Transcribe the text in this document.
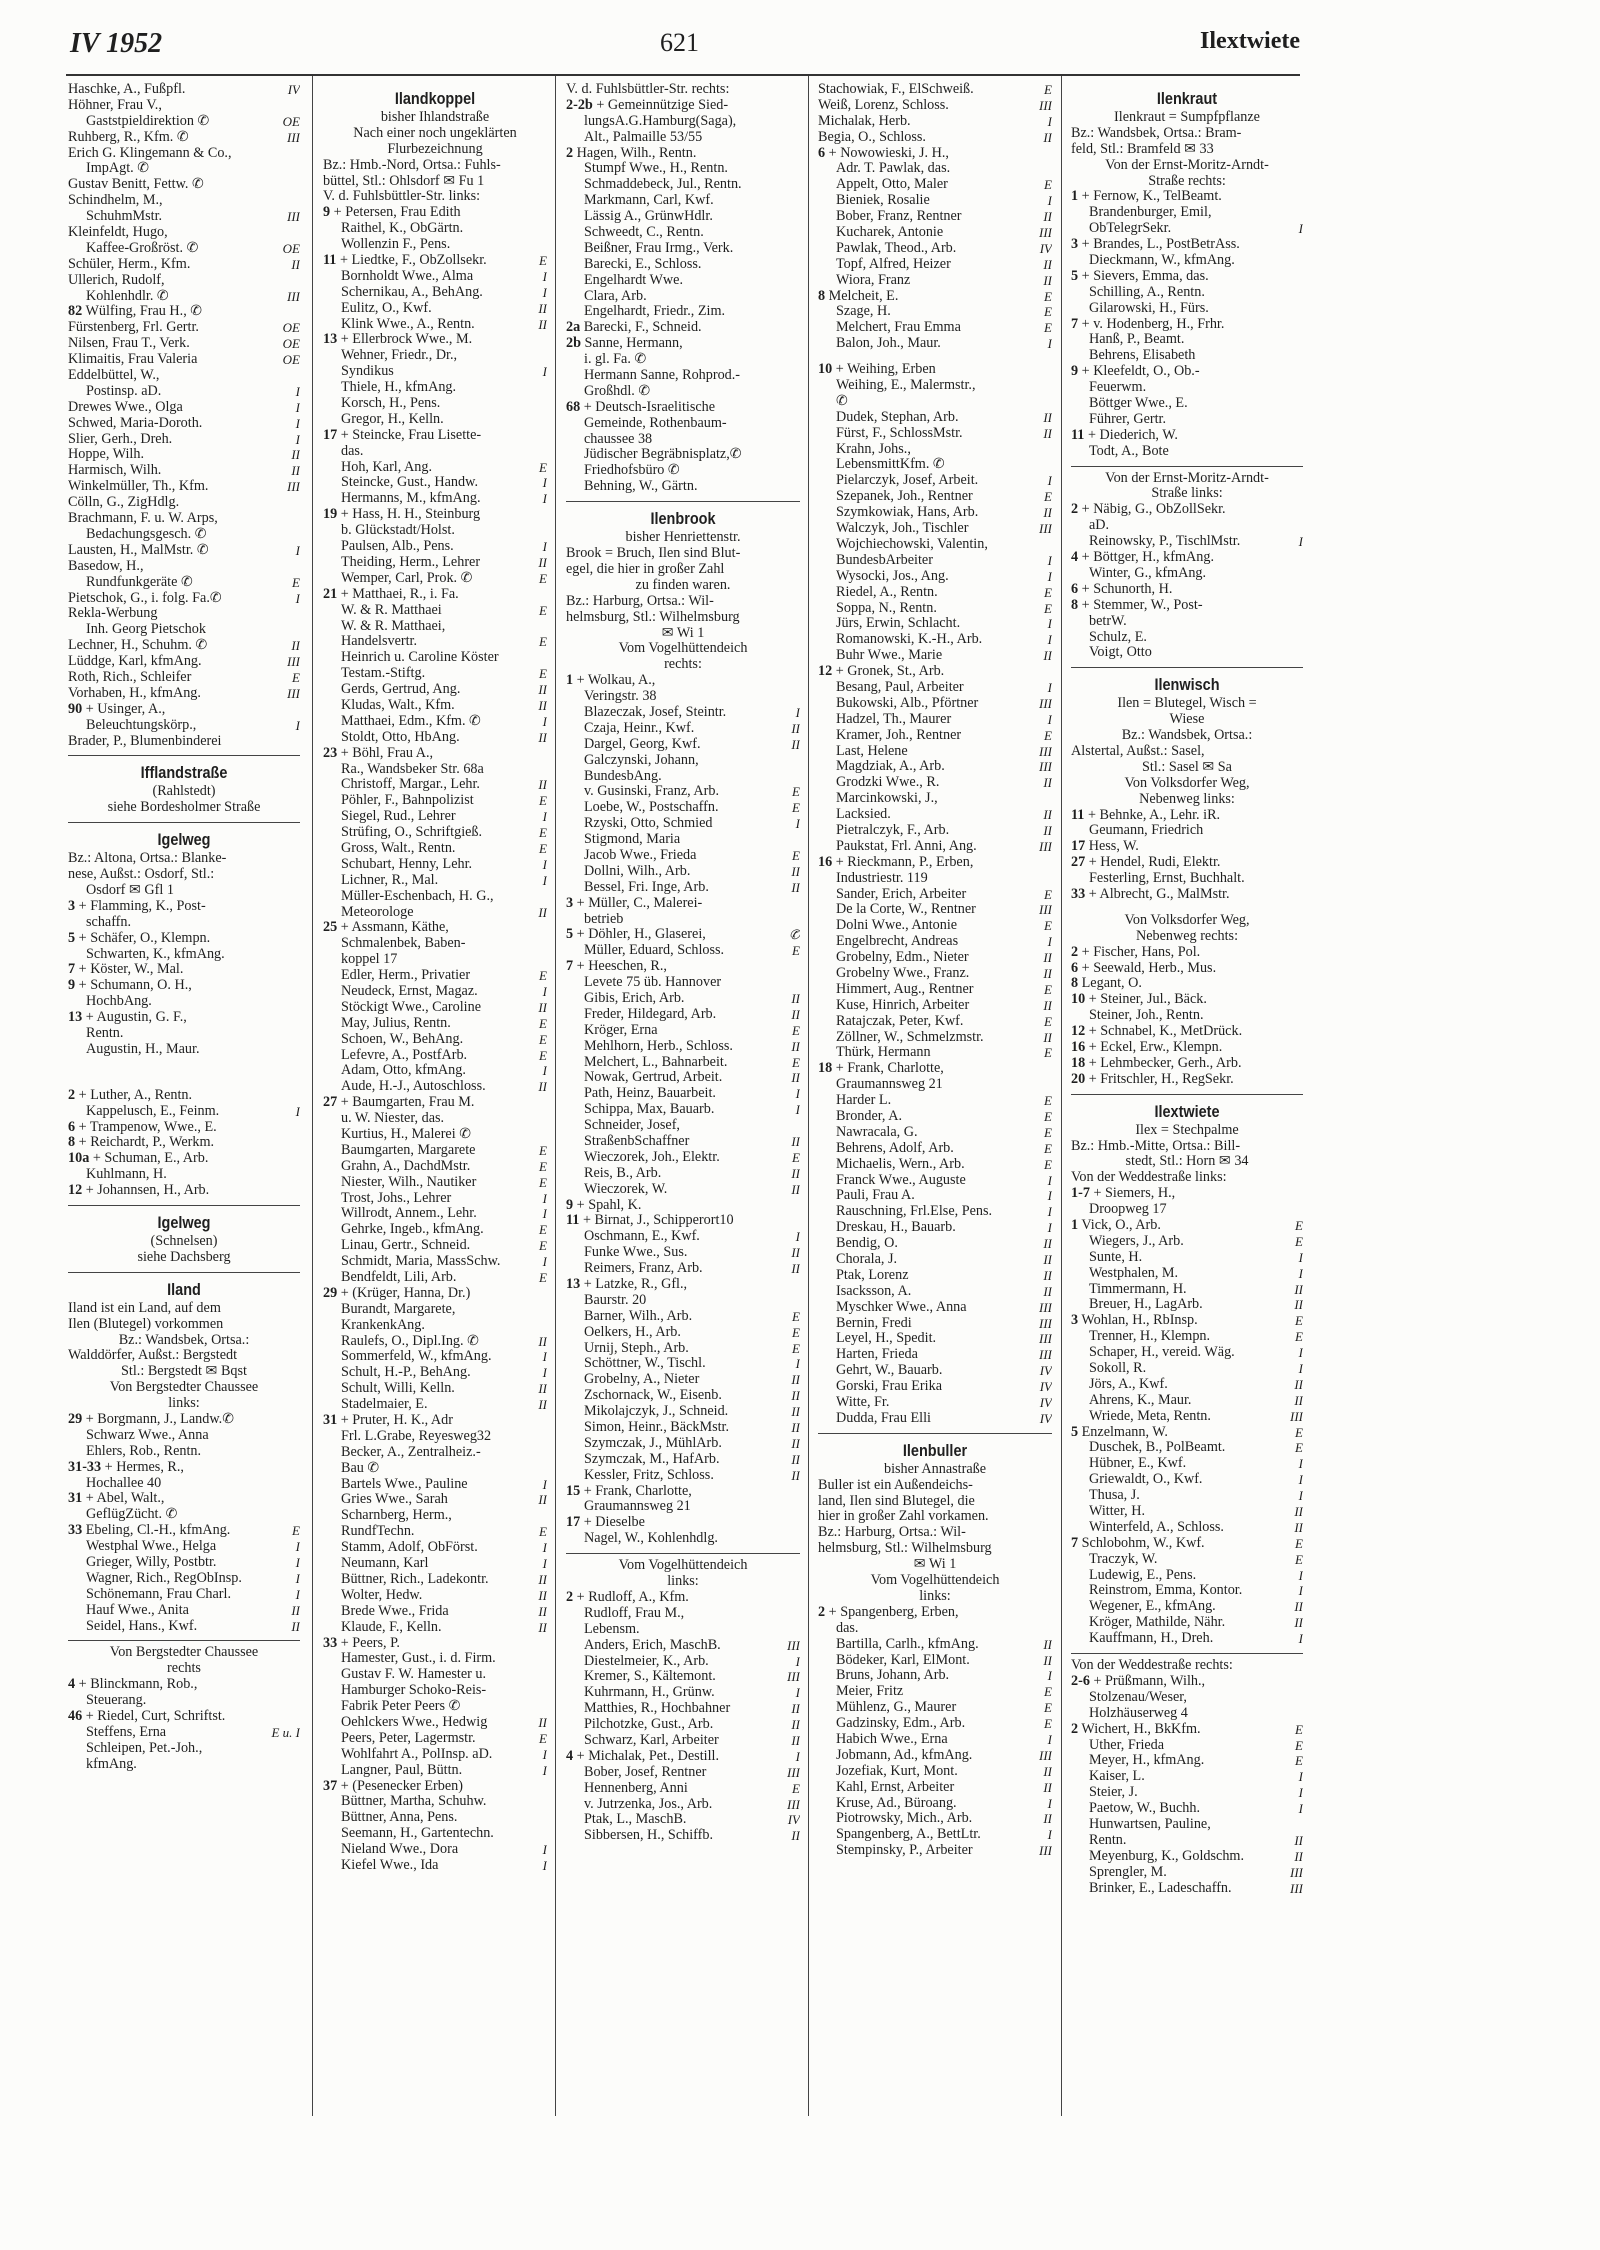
IV 1952	621	Ilextwiete
Haschke, A., Fußpfl.	IV
Höhner, Frau V.,
Gaststpieldirektion ✆	OE
Ruhberg, R., Kfm. ✆	III
Erich G. Klingemann & Co.,
ImpAgt. ✆
Gustav Benitt, Fettw. ✆
Schindhelm, M.,
SchuhmMstr.	III
Kleinfeldt, Hugo,
Kaffee-Großröst. ✆	OE
Schüler, Herm., Kfm.	II
Ullerich, Rudolf,
Kohlenhdlr. ✆	III
82 Wülfing, Frau H., ✆
Fürstenberg, Frl. Gertr.	OE
Nilsen, Frau T., Verk.	OE
Klimaitis, Frau Valeria	OE
Eddelbüttel, W.,
Postinsp. aD.	I
Drewes Wwe., Olga	I
Schwed, Maria-Doroth.	I
Slier, Gerh., Dreh.	I
Hoppe, Wilh.	II
Harmisch, Wilh.	II
Winkelmüller, Th., Kfm.	III
Cölln, G., ZigHdlg.
Brachmann, F. u. W. Arps,
Bedachungsgesch. ✆
Lausten, H., MalMstr. ✆	I
Basedow, H.,
Rundfunkgeräte ✆	E
Pietschok, G., i. folg. Fa.✆	I
Rekla-Werbung
Inh. Georg Pietschok
Lechner, H., Schuhm. ✆	II
Lüddge, Karl, kfmAng.	III
Roth, Rich., Schleifer	E
Vorhaben, H., kfmAng.	III
90 + Usinger, A.,
Beleuchtungskörp.,	I
Brader, P., Blumenbinderei
Ifflandstraße
(Rahlstedt)
siehe Bordesholmer Straße
Igelweg
Bz.: Altona, Ortsa.: Blanke-
nese, Außst.: Osdorf, Stl.:
Osdorf ✉ Gfl 1
3 + Flamming, K., Post-
schaffn.
5 + Schäfer, O., Klempn.
Schwarten, K., kfmAng.
7 + Köster, W., Mal.
9 + Schumann, O. H.,
HochbAng.
13 + Augustin, G. F.,
Rentn.
Augustin, H., Maur.
2 + Luther, A., Rentn.
Kappelusch, E., Feinm.	I
6 + Trampenow, Wwe., E.
8 + Reichardt, P., Werkm.
10a + Schuman, E., Arb.
Kuhlmann, H.
12 + Johannsen, H., Arb.
Igelweg
(Schnelsen)
siehe Dachsberg
Iland
Iland ist ein Land, auf dem
Ilen (Blutegel) vorkommen
Bz.: Wandsbek, Ortsa.:
Walddörfer, Außst.: Bergstedt
Stl.: Bergstedt ✉ Bqst
Von Bergstedter Chaussee
links:
29 + Borgmann, J., Landw.✆
Schwarz Wwe., Anna
Ehlers, Rob., Rentn.
31-33 + Hermes, R.,
Hochallee 40
31 + Abel, Walt.,
GeflügZücht. ✆
33 Ebeling, Cl.-H., kfmAng.	E
Westphal Wwe., Helga	I
Grieger, Willy, Postbtr.	I
Wagner, Rich., RegObInsp.	I
Schönemann, Frau Charl.	I
Hauf Wwe., Anita	II
Seidel, Hans., Kwf.	II
Von Bergstedter Chaussee
rechts
4 + Blinckmann, Rob.,
Steuerang.
46 + Riedel, Curt, Schriftst.
Steffens, Erna	E u. I
Schleipen, Pet.-Joh.,
kfmAng.
Ilandkoppel
bisher Ihlandstraße
Nach einer noch ungeklärten
Flurbezeichnung
Bz.: Hmb.-Nord, Ortsa.: Fuhls-
büttel, Stl.: Ohlsdorf ✉ Fu 1
V. d. Fuhlsbüttler-Str. links:
9 + Petersen, Frau Edith
Raithel, K., ObGärtn.
Wollenzin F., Pens.
11 + Liedtke, F., ObZollsekr.	E
Bornholdt Wwe., Alma	I
Schernikau, A., BehAng.	I
Eulitz, O., Kwf.	II
Klink Wwe., A., Rentn.	II
13 + Ellerbrock Wwe., M.
Wehner, Friedr., Dr.,
Syndikus	I
Thiele, H., kfmAng.
Korsch, H., Pens.
Gregor, H., Kelln.
17 + Steincke, Frau Lisette-
das.
Hoh, Karl, Ang.	E
Steincke, Gust., Handw.	I
Hermanns, M., kfmAng.	I
19 + Hass, H. H., Steinburg
b. Glückstadt/Holst.
Paulsen, Alb., Pens.	I
Theiding, Herm., Lehrer	II
Wemper, Carl, Prok. ✆	E
21 + Matthaei, R., i. Fa.
W. & R. Matthaei	E
W. & R. Matthaei,
Handelsvertr.	E
Heinrich u. Caroline Köster
Testam.-Stiftg.	E
Gerds, Gertrud, Ang.	II
Kludas, Walt., Kfm.	II
Matthaei, Edm., Kfm. ✆	I
Stoldt, Otto, HbAng.	II
23 + Böhl, Frau A.,
Ra., Wandsbeker Str. 68a
Christoff, Margar., Lehr.	II
Pöhler, F., Bahnpolizist	E
Siegel, Rud., Lehrer	I
Strüfing, O., Schriftgieß.	E
Gross, Walt., Rentn.	E
Schubart, Henny, Lehr.	I
Lichner, R., Mal.	I
Müller-Eschenbach, H. G.,
Meteorologe	II
25 + Assmann, Käthe,
Schmalenbek, Baben-
koppel 17
Edler, Herm., Privatier	E
Neudeck, Ernst, Magaz.	I
Stöckigt Wwe., Caroline	II
May, Julius, Rentn.	E
Schoen, W., BehAng.	E
Lefevre, A., PostfArb.	E
Adam, Otto, kfmAng.	I
Aude, H.-J., Autoschloss.	II
27 + Baumgarten, Frau M.
u. W. Niester, das.
Kurtius, H., Malerei ✆
Baumgarten, Margarete	E
Grahn, A., DachdMstr.	E
Niester, Wilh., Nautiker	E
Trost, Johs., Lehrer	I
Willrodt, Annem., Lehr.	I
Gehrke, Ingeb., kfmAng.	E
Linau, Gertr., Schneid.	E
Schmidt, Maria, MassSchw.	I
Bendfeldt, Lili, Arb.	E
29 + (Krüger, Hanna, Dr.)
Burandt, Margarete,
KrankenkAng.
Raulefs, O., Dipl.Ing. ✆	II
Sommerfeld, W., kfmAng.	I
Schult, H.-P., BehAng.	I
Schult, Willi, Kelln.	II
Stadelmaier, E.	II
31 + Pruter, H. K., Adr
Frl. L.Grabe, Reyesweg32
Becker, A., Zentralheiz.-
Bau ✆
Bartels Wwe., Pauline	I
Gries Wwe., Sarah	II
Scharnberg, Herm.,
RundfTechn.	E
Stamm, Adolf, ObFörst.	I
Neumann, Karl	I
Büttner, Rich., Ladekontr.	II
Wolter, Hedw.	II
Brede Wwe., Frida	II
Klaude, F., Kelln.	II
33 + Peers, P.
Hamester, Gust., i. d. Firm.
Gustav F. W. Hamester u.
Hamburger Schoko-Reis-
Fabrik Peter Peers ✆
Oehlckers Wwe., Hedwig	II
Peers, Peter, Lagermstr.	E
Wohlfahrt A., PolInsp. aD.	I
Langner, Paul, Büttn.	I
37 + (Pesenecker Erben)
Büttner, Martha, Schuhw.
Büttner, Anna, Pens.
Seemann, H., Gartentechn.
Nieland Wwe., Dora	I
Kiefel Wwe., Ida	I
V. d. Fuhlsbüttler-Str. rechts:
2-2b + Gemeinnützige Sied-
lungsA.G.Hamburg(Saga),
Alt., Palmaille 53/55
2 Hagen, Wilh., Rentn.
Stumpf Wwe., H., Rentn.
Schmaddebeck, Jul., Rentn.
Markmann, Carl, Kwf.
Lässig A., GrünwHdlr.
Schweedt, C., Rentn.
Beißner, Frau Irmg., Verk.
Barecki, E., Schloss.
Engelhardt Wwe.
Clara, Arb.
Engelhardt, Friedr., Zim.
2a Barecki, F., Schneid.
2b Sanne, Hermann,
i. gl. Fa. ✆
Hermann Sanne, Rohprod.-
Großhdl. ✆
68 + Deutsch-Israelitische
Gemeinde, Rothenbaum-
chaussee 38
Jüdischer Begräbnisplatz,✆
Friedhofsbüro ✆
Behning, W., Gärtn.
Ilenbrook
bisher Henriettenstr.
Brook = Bruch, Ilen sind Blut-
egel, die hier in großer Zahl
zu finden waren.
Bz.: Harburg, Ortsa.: Wil-
helmsburg, Stl.: Wilhelmsburg
✉ Wi 1
Vom Vogelhüttendeich
rechts:
1 + Wolkau, A.,
Veringstr. 38
Blazeczak, Josef, Steintr.	I
Czaja, Heinr., Kwf.	II
Dargel, Georg, Kwf.	II
Galczynski, Johann,
BundesbAng.
v. Gusinski, Franz, Arb.	E
Loebe, W., Postschaffn.	E
Rzyski, Otto, Schmied	I
Stigmond, Maria
Jacob Wwe., Frieda	E
Dollni, Wilh., Arb.	II
Bessel, Fri. Inge, Arb.	II
3 + Müller, C., Malerei-
betrieb
5 + Döhler, H., Glaserei,	✆
Müller, Eduard, Schloss.	E
7 + Heeschen, R.,
Levete 75 üb. Hannover
Gibis, Erich, Arb.	II
Freder, Hildegard, Arb.	II
Kröger, Erna	E
Mehlhorn, Herb., Schloss.	II
Melchert, L., Bahnarbeit.	E
Nowak, Gertrud, Arbeit.	II
Path, Heinz, Bauarbeit.	I
Schippa, Max, Bauarb.	I
Schneider, Josef,
StraßenbSchaffner	II
Wieczorek, Joh., Elektr.	E
Reis, B., Arb.	II
Wieczorek, W.	II
9 + Spahl, K.
11 + Birnat, J., Schipperort10
Oschmann, E., Kwf.	I
Funke Wwe., Sus.	II
Reimers, Franz, Arb.	II
13 + Latzke, R., Gfl.,
Baurstr. 20
Barner, Wilh., Arb.	E
Oelkers, H., Arb.	E
Urnij, Steph., Arb.	E
Schöttner, W., Tischl.	I
Grobelny, A., Nieter	II
Zschornack, W., Eisenb.	II
Mikolajczyk, J., Schneid.	II
Simon, Heinr., BäckMstr.	II
Szymczak, J., MühlArb.	II
Szymczak, M., HafArb.	II
Kessler, Fritz, Schloss.	II
15 + Frank, Charlotte,
Graumannsweg 21
17 + Dieselbe
Nagel, W., Kohlenhdlg.
Vom Vogelhüttendeich
links:
2 + Rudloff, A., Kfm.
Rudloff, Frau M.,
Lebensm.
Anders, Erich, MaschB.	III
Diestelmeier, K., Arb.	I
Kremer, S., Kältemont.	III
Kuhrmann, H., Grünw.	I
Matthies, R., Hochbahner	II
Pilchotzke, Gust., Arb.	II
Schwarz, Karl, Arbeiter	II
4 + Michalak, Pet., Destill.	I
Bober, Josef, Rentner	III
Hennenberg, Anni	E
v. Jutrzenka, Jos., Arb.	III
Ptak, L., MaschB.	IV
Sibbersen, H., Schiffb.	II
Stachowiak, F., ElSchweiß.	E
Weiß, Lorenz, Schloss.	III
Michalak, Herb.	I
Begia, O., Schloss.	II
6 + Nowowieski, J. H.,
Adr. T. Pawlak, das.
Appelt, Otto, Maler	E
Bieniek, Rosalie	I
Bober, Franz, Rentner	II
Kucharek, Antonie	III
Pawlak, Theod., Arb.	IV
Topf, Alfred, Heizer	II
Wiora, Franz	II
8 Melcheit, E.	E
Szage, H.	E
Melchert, Frau Emma	E
Balon, Joh., Maur.	I
10 + Weihing, Erben
Weihing, E., Malermstr.,
✆
Dudek, Stephan, Arb.	II
Fürst, F., SchlossMstr.	II
Krahn, Johs.,
LebensmittKfm. ✆
Pielarczyk, Josef, Arbeit.	I
Szepanek, Joh., Rentner	E
Szymkowiak, Hans, Arb.	II
Walczyk, Joh., Tischler	III
Wojchiechowski, Valentin,
BundesbArbeiter	I
Wysocki, Jos., Ang.	I
Riedel, A., Rentn.	E
Soppa, N., Rentn.	E
Jürs, Erwin, Schlacht.	I
Romanowski, K.-H., Arb.	I
Buhr Wwe., Marie	II
12 + Gronek, St., Arb.
Besang, Paul, Arbeiter	I
Bukowski, Alb., Pförtner	III
Hadzel, Th., Maurer	I
Kramer, Joh., Rentner	E
Last, Helene	III
Magdziak, A., Arb.	III
Grodzki Wwe., R.	II
Marcinkowski, J.,
Lacksied.	II
Pietralczyk, F., Arb.	II
Paukstat, Frl. Anni, Ang.	III
16 + Rieckmann, P., Erben,
Industriestr. 119
Sander, Erich, Arbeiter	E
De la Corte, W., Rentner	III
Dolni Wwe., Antonie	E
Engelbrecht, Andreas	I
Grobelny, Edm., Nieter	II
Grobelny Wwe., Franz.	II
Himmert, Aug., Rentner	E
Kuse, Hinrich, Arbeiter	II
Ratajczak, Peter, Kwf.	E
Zöllner, W., Schmelzmstr.	II
Thürk, Hermann	E
18 + Frank, Charlotte,
Graumannsweg 21
Harder L.	E
Bronder, A.	E
Nawracala, G.	E
Behrens, Adolf, Arb.	E
Michaelis, Wern., Arb.	E
Franck Wwe., Auguste	I
Pauli, Frau A.	I
Rauschning, Frl.Else, Pens.	I
Dreskau, H., Bauarb.	I
Bendig, O.	II
Chorala, J.	II
Ptak, Lorenz	II
Isacksson, A.	II
Myschker Wwe., Anna	III
Bernin, Fredi	III
Leyel, H., Spedit.	III
Harten, Frieda	III
Gehrt, W., Bauarb.	IV
Gorski, Frau Erika	IV
Witte, Fr.	IV
Dudda, Frau Elli	IV
Ilenbuller
bisher Annastraße
Buller ist ein Außendeichs-
land, Ilen sind Blutegel, die
hier in großer Zahl vorkamen.
Bz.: Harburg, Ortsa.: Wil-
helmsburg, Stl.: Wilhelmsburg
✉ Wi 1
Vom Vogelhüttendeich
links:
2 + Spangenberg, Erben,
das.
Bartilla, Carlh., kfmAng.	II
Bödeker, Karl, ElMont.	II
Bruns, Johann, Arb.	I
Meier, Fritz	E
Mühlenz, G., Maurer	E
Gadzinsky, Edm., Arb.	E
Habich Wwe., Erna	I
Jobmann, Ad., kfmAng.	III
Jozefiak, Kurt, Mont.	II
Kahl, Ernst, Arbeiter	II
Kruse, Ad., Büroang.	I
Piotrowsky, Mich., Arb.	II
Spangenberg, A., BettLtr.	I
Stempinsky, P., Arbeiter	III
Ilenkraut
Ilenkraut = Sumpfpflanze
Bz.: Wandsbek, Ortsa.: Bram-
feld, Stl.: Bramfeld ✉ 33
Von der Ernst-Moritz-Arndt-
Straße rechts:
1 + Fernow, K., TelBeamt.
Brandenburger, Emil,
ObTelegrSekr.	I
3 + Brandes, L., PostBetrAss.
Dieckmann, W., kfmAng.
5 + Sievers, Emma, das.
Schilling, A., Rentn.
Gilarowski, H., Fürs.
7 + v. Hodenberg, H., Frhr.
Hanß, P., Beamt.
Behrens, Elisabeth
9 + Kleefeldt, O., Ob.-
Feuerwm.
Böttger Wwe., E.
Führer, Gertr.
11 + Diederich, W.
Todt, A., Bote
Von der Ernst-Moritz-Arndt-
Straße links:
2 + Näbig, G., ObZollSekr.
aD.
Reinowsky, P., TischlMstr.	I
4 + Böttger, H., kfmAng.
Winter, G., kfmAng.
6 + Schunorth, H.
8 + Stemmer, W., Post-
betrW.
Schulz, E.
Voigt, Otto
Ilenwisch
Ilen = Blutegel, Wisch =
Wiese
Bz.: Wandsbek, Ortsa.:
Alstertal, Außst.: Sasel,
Stl.: Sasel ✉ Sa
Von Volksdorfer Weg,
Nebenweg links:
11 + Behnke, A., Lehr. iR.
Geumann, Friedrich
17 Hess, W.
27 + Hendel, Rudi, Elektr.
Festerling, Ernst, Buchhalt.
33 + Albrecht, G., MalMstr.
Von Volksdorfer Weg,
Nebenweg rechts:
2 + Fischer, Hans, Pol.
6 + Seewald, Herb., Mus.
8 Legant, O.
10 + Steiner, Jul., Bäck.
Steiner, Joh., Rentn.
12 + Schnabel, K., MetDrück.
16 + Eckel, Erw., Klempn.
18 + Lehmbecker, Gerh., Arb.
20 + Fritschler, H., RegSekr.
Ilextwiete
Ilex = Stechpalme
Bz.: Hmb.-Mitte, Ortsa.: Bill-
stedt, Stl.: Horn ✉ 34
Von der Weddestraße links:
1-7 + Siemers, H.,
Droopweg 17
1 Vick, O., Arb.	E
Wiegers, J., Arb.	E
Sunte, H.	I
Westphalen, M.	I
Timmermann, H.	II
Breuer, H., LagArb.	II
3 Wohlan, H., RbInsp.	E
Trenner, H., Klempn.	E
Schaper, H., vereid. Wäg.	I
Sokoll, R.	I
Jörs, A., Kwf.	II
Ahrens, K., Maur.	II
Wriede, Meta, Rentn.	III
5 Enzelmann, W.	E
Duschek, B., PolBeamt.	E
Hübner, E., Kwf.	I
Griewaldt, O., Kwf.	I
Thusa, J.	I
Witter, H.	II
Winterfeld, A., Schloss.	II
7 Schlobohm, W., Kwf.	E
Traczyk, W.	E
Ludewig, E., Pens.	I
Reinstrom, Emma, Kontor.	I
Wegener, E., kfmAng.	II
Kröger, Mathilde, Nähr.	II
Kauffmann, H., Dreh.	I
Von der Weddestraße rechts:
2-6 + Prüßmann, Wilh.,
Stolzenau/Weser,
Holzhäuserweg 4
2 Wichert, H., BkKfm.	E
Uther, Frieda	E
Meyer, H., kfmAng.	E
Kaiser, L.	I
Steier, J.	I
Paetow, W., Buchh.	I
Hunwartsen, Pauline,
Rentn.	II
Meyenburg, K., Goldschm.	II
Sprengler, M.	III
Brinker, E., Ladeschaffn.	III
